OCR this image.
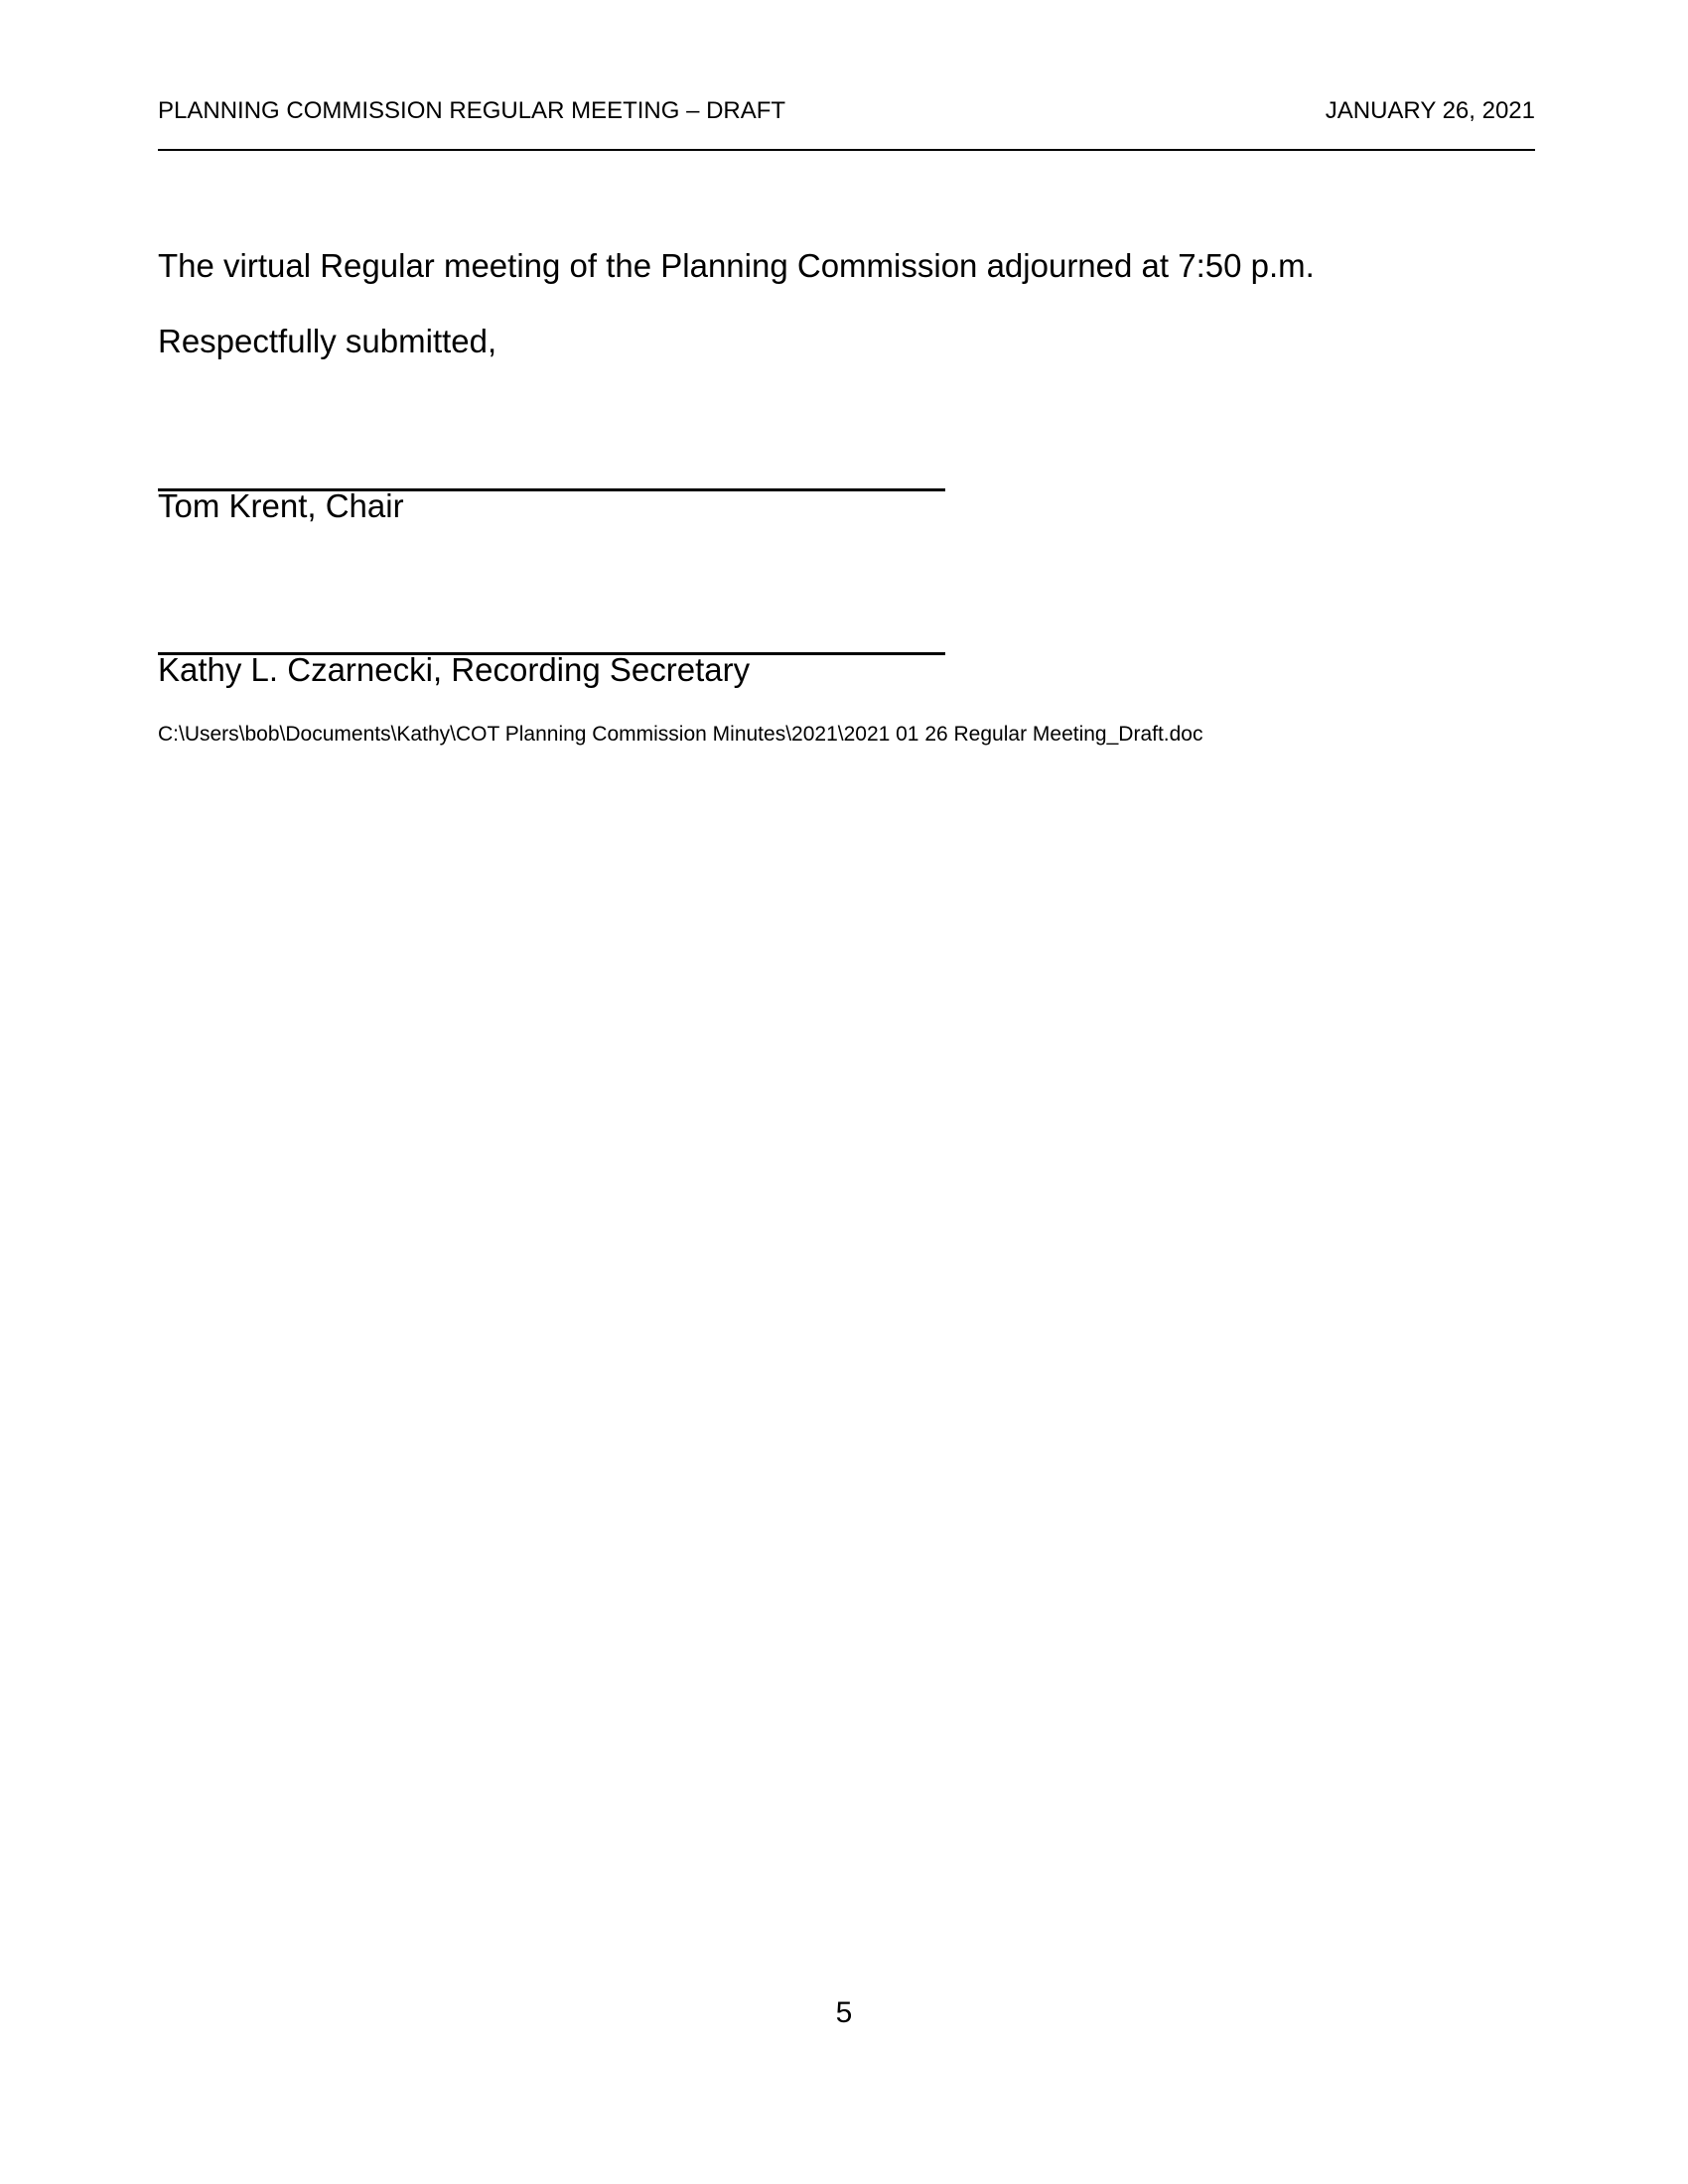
PLANNING COMMISSION REGULAR MEETING – DRAFT	JANUARY 26, 2021
The virtual Regular meeting of the Planning Commission adjourned at 7:50 p.m.
Respectfully submitted,
Tom Krent, Chair
Kathy L. Czarnecki, Recording Secretary
C:\Users\bob\Documents\Kathy\COT Planning Commission Minutes\2021\2021 01 26 Regular Meeting_Draft.doc
5
